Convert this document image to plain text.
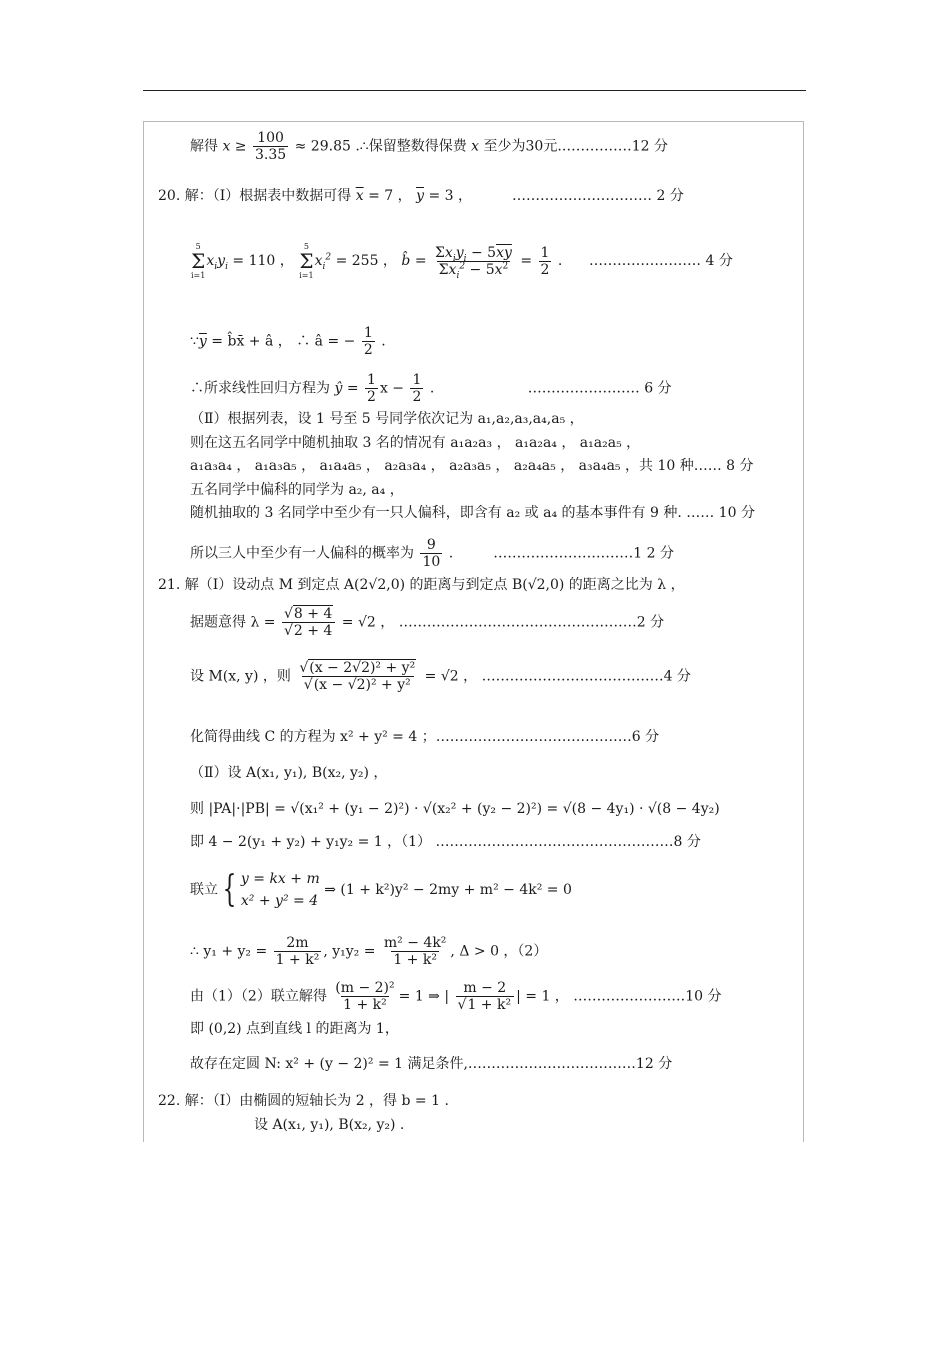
解得 $x \ge \frac{100}{3.35} \approx 29.85$ .∴保留整数得保费 x 至少为30元.……………12 分
20. 解：（Ⅰ）根据表中数据可得 $\overline{x} = 7$ ， $\overline{y} = 3$ ，	………………………… 2 分
5
Σ
i=1
$x_iy_i = 110$ ，
5
Σ
i=1
$x_i^2 = 255$ ， b̂ = $\frac{\Sigma x_iy_i - 5\overline{xy}}{\Sigma x_i^2 - 5\overline{x}^2} = \frac{1}{2}$ .      …………………… 4 分
$\because\overline{y}$ = b̂x̄ + â ， ∴ â = − $\frac{1}{2}$ .
∴所求线性回归方程为 ŷ = $\frac{1}{2}$ $x - \frac{1}{2}$ .                     …………………… 6 分
（Ⅱ）根据列表，设 1 号至 5 号同学依次记为 a₁,a₂,a₃,a₄,a₅ ，
则在这五名同学中随机抽取 3 名的情况有 a₁a₂a₃ ， a₁a₂a₄ ， a₁a₂a₅ ，
a₁a₃a₄ ， a₁a₃a₅ ， a₁a₄a₅ ， a₂a₃a₄ ， a₂a₃a₅ ， a₂a₄a₅ ， a₃a₄a₅ ，共 10 种…… 8 分
五名同学中偏科的同学为 a₂, a₄ ，
随机抽取的 3 名同学中至少有一只人偏科，即含有 a₂ 或 a₄ 的基本事件有 9 种. …… 10 分
所以三人中至少有一人偏科的概率为 $\frac{9}{10}$ .         …………………………1 2 分
21. 解（Ⅰ）设动点 M 到定点 A(2√2,0) 的距离与到定点 B(√2,0) 的距离之比为 λ ，
据题意得 $\lambda = \frac{√8 + 4}{√2 + 4} = √2$ ， ……………………………………………2 分
设 M(x, y) ，则 $\frac{\text{√(x − 2√2)² + y²}}{\text{√(x − √2)² + y²}} = √2$ ， …………………………………4 分
化简得曲线 C 的方程为 x² + y² = 4 ；……………………………………6 分
（Ⅱ）设 A(x₁, y₁), B(x₂, y₂) ，
则 |PA|·|PB| = √(x₁² + (y₁ − 2)²) · √(x₂² + (y₂ − 2)²) = √(8 − 4y₁) · √(8 − 4y₂)
即 4 − 2(y₁ + y₂) + y₁y₂ = 1 ，（1） ……………………………………………8 分
联立 { y = kx + m
x² + y² = 4
⇒ (1 + k²)y² − 2my + m² − 4k² = 0
∴ $y_1 + y_2 = \frac{2m}{\text{1 + k²}}$ , $y_1y_2 = \frac{\text{m² − 4k²}}{\text{1 + k²}}$ , Δ > 0 ，（2）
由（1）（2）联立解得 $\frac{\text{(m − 2)²}}{\text{1 + k²}} = 1$ ⇒ | $\frac{m - 2}{\text{√1 + k²}}$ | = 1 ， ……………………10 分
即 (0,2) 点到直线 l 的距离为 1，
故存在定圆 N: x² + (y − 2)² = 1 满足条件,………………………………12 分
22. 解：（Ⅰ）由椭圆的短轴长为 2 ，得 b = 1 .
设 A(x₁, y₁), B(x₂, y₂) .
